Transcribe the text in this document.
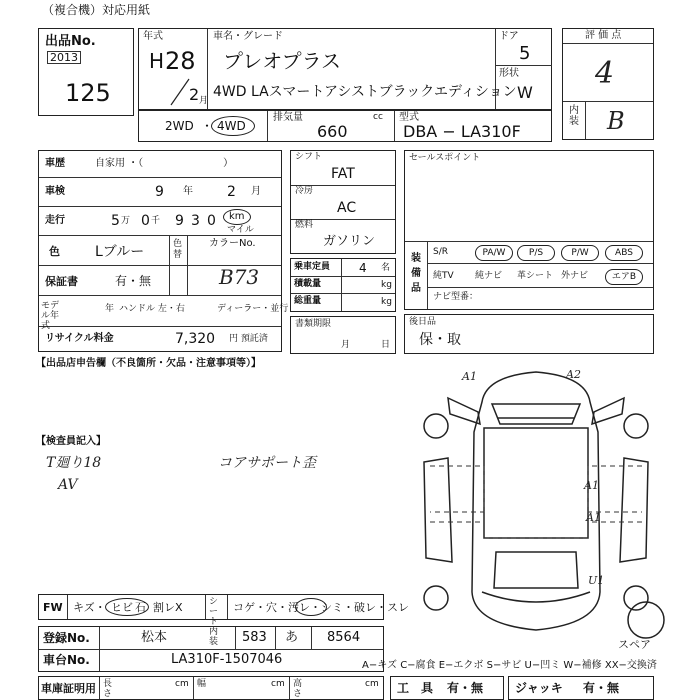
（複合機）対応用紙
出品No.
2013
125
年式
H 28
2 月
車名・グレード
プレオプラス
4WD LAスマートアシストブラックエディション
ドア
5
形状
W
評 価 点
4
内装 B
2WD ・ 4WD
排気量	cc
660
型式
DBA − LA310F
車歴	自家用 ・（　　　　　　　　）
車検	9 年 2 月
走行	5 万 0 千 9 3 0 km
マイル
色	Lブルー	色替
カラーNo.
B73
保証書	有・無
モデル年式
年 ハンドル 左・右	ディーラー・並行
リサイクル料金	7,320 円 預託済
シフト
FAT
冷房
AC
燃料
ガソリン
乗車定員 4 名
積載量	kg
総重量	kg
書類期限
月	日
セールスポイント
装備品
S/R	PA/W	P/S	P/W	ABS
純TV 純ナビ 革シート 外ナビ	エアB
ナビ型番：
後日品
保・取
【出品店申告欄（不良箇所・欠品・注意事項等）】
【検査員記入】
T廻り18
AV
コアサポート歪
A1	A2
A1
A1
U1
スペア
FW キズ・ ヒビ 石 割レX	シート内装
コゲ・穴・汚レ・シミ・破レ・スレ
登録No.	松本	583 あ 8564
車台No.	LA310F-1507046	A−キズ C−腐食 E−エクボ S−サビ U−凹ミ W−補修 XX−交換済
車庫証明用 長さ
cm 幅	cm 高さ
cm 工　具 有・無	ジャッキ 有・無
